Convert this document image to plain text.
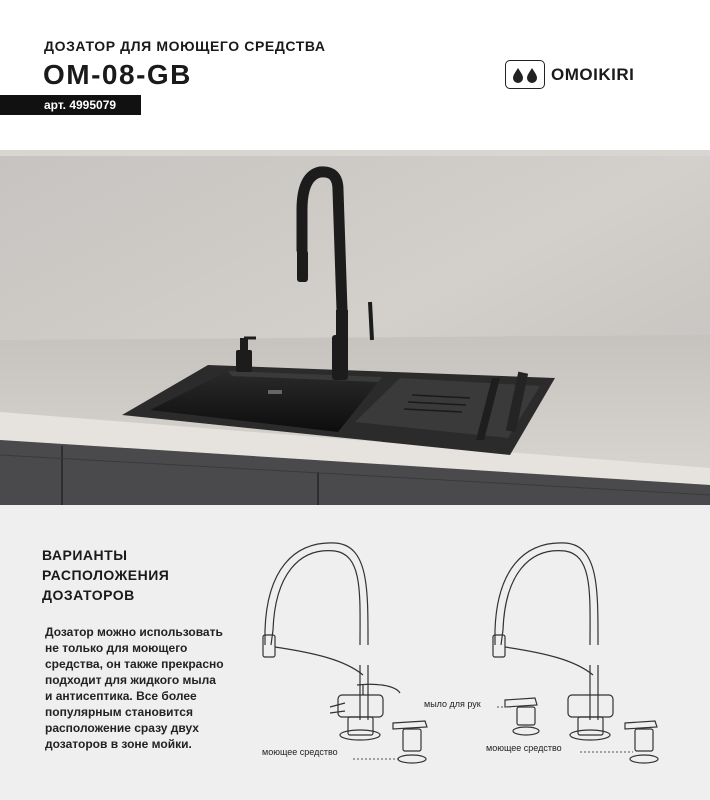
ДОЗАТОР ДЛЯ МОЮЩЕГО СРЕДСТВА
OM-08-GB
арт. 4995079
OMOIKIRI
ВАРИАНТЫ
РАСПОЛОЖЕНИЯ
ДОЗАТОРОВ
Дозатор можно использовать
не только для моющего
средства, он также прекрасно
подходит для жидкого мыла
и антисептика. Все более
популярным становится
расположение сразу двух
дозаторов в зоне мойки.
моющее средство
мыло для рук
моющее средство
